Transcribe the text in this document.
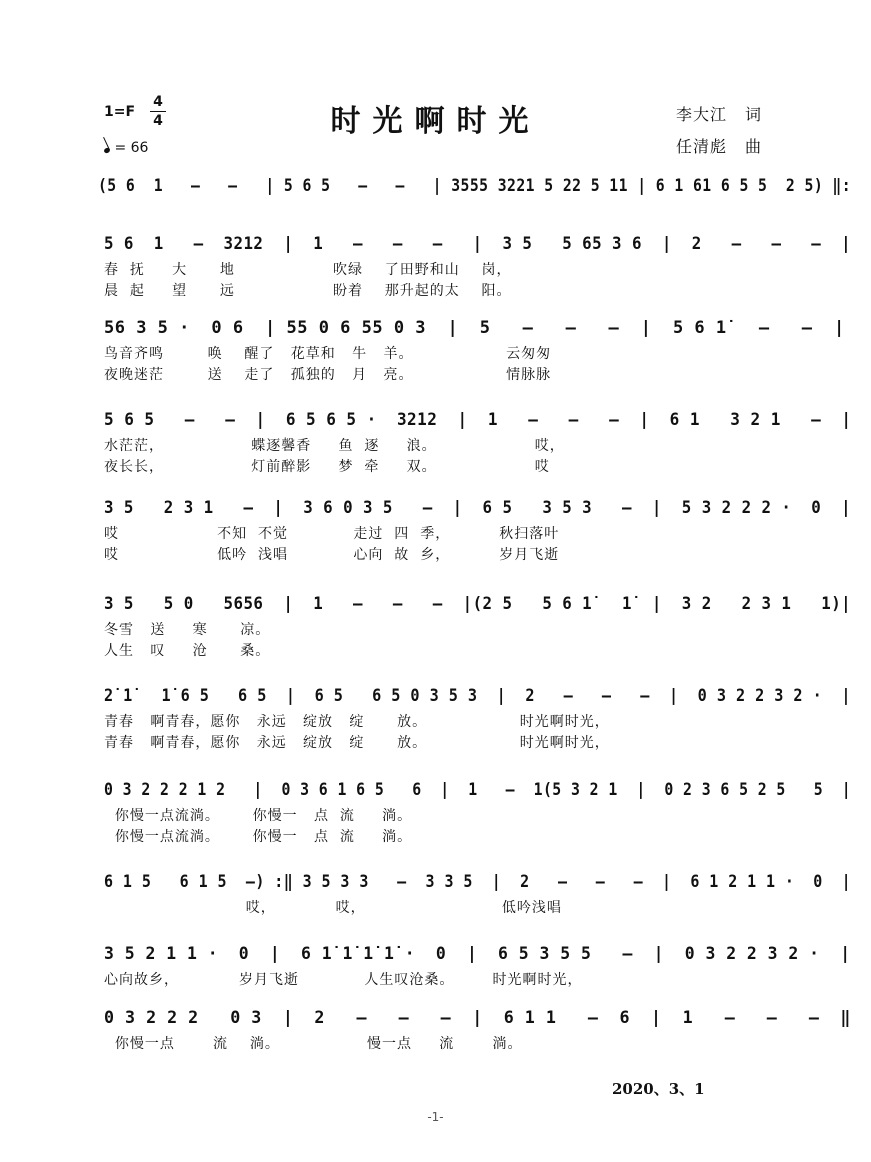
1=F
4
4
= 66
时光啊时光	李大江 词
任清彪 曲
(5 6  1   —   —   | 5 6 5   —   —   | 3555 3221 5 22 5 11 | 6 1 61 6 5 5  2 5) ‖:
5 6  1   —  3212  |  1   —   —   —   |  3 5   5 65 3 6  |  2   —   —   —  |
春  抚     大      地                  吹绿    了田野和山    岗，
晨  起     望      远                  盼着    那升起的太    阳。
56 3 5 ·  0 6  | 55 0 6 55 0 3  |  5   —   —   —  |  5 6 1̇   —   —  |
鸟音齐鸣        唤    醒了   花草和   牛   羊。                 云匆匆
夜晚迷茫        送    走了   孤独的   月   亮。                 情脉脉
5 6 5   —   —  |  6 5 6 5 ·  3212  |  1   —   —   —  |  6 1   3 2 1   —  |
水茫茫，                蝶逐馨香     鱼  逐     浪。                  哎，
夜长长，                灯前醉影     梦  牵     双。                  哎
3 5   2 3 1   —  |  3 6 0 3 5   —  |  6 5   3 5 3   —  |  5 3 2 2 2 ·  0  |
哎                  不知  不觉            走过  四  季，         秋扫落叶
哎                  低吟  浅唱            心向  故  乡，         岁月飞逝
3 5   5 0   5656  |  1   —   —   —  |(2 5   5 6 1̇   1̇  |  3 2   2 3 1   1)|
冬雪   送     寒      凉。
人生   叹     沧      桑。
2̇ 1̇   1̇ 6 5   6 5  |  6 5   6 5 0 3 5 3  |  2   —   —   —  |  0 3 2 2 3 2 ·  |
青春   啊青春，愿你   永远   绽放   绽      放。                 时光啊时光，
青春   啊青春，愿你   永远   绽放   绽      放。                 时光啊时光，
0 3 2 2 2 1 2   |  0 3 6 1 6 5   6  |  1   —  1(5 3 2 1  |  0 2 3 6 5 2 5   5  |
你慢一点流淌。      你慢一   点  流     淌。
你慢一点流淌。      你慢一   点  流     淌。
6 1 5   6 1 5  —) :‖ 3 5 3 3   —  3 3 5  |  2   —   —   —  |  6 1 2 1 1 ·  0  |
哎，           哎，                         低吟浅唱
3 5 2 1 1 ·  0  |  6 1̇ 1̇ 1̇ 1̇ ·  0  |  6 5 3 5 5   —  |  0 3 2 2 3 2 ·  |
心向故乡，           岁月飞逝            人生叹沧桑。       时光啊时光，
0 3 2 2 2   0 3  |  2   —   —   —  |  6 1 1   —  6  |  1   —   —   —  ‖
你慢一点       流    淌。                慢一点     流       淌。
2020、3、1
-1-
